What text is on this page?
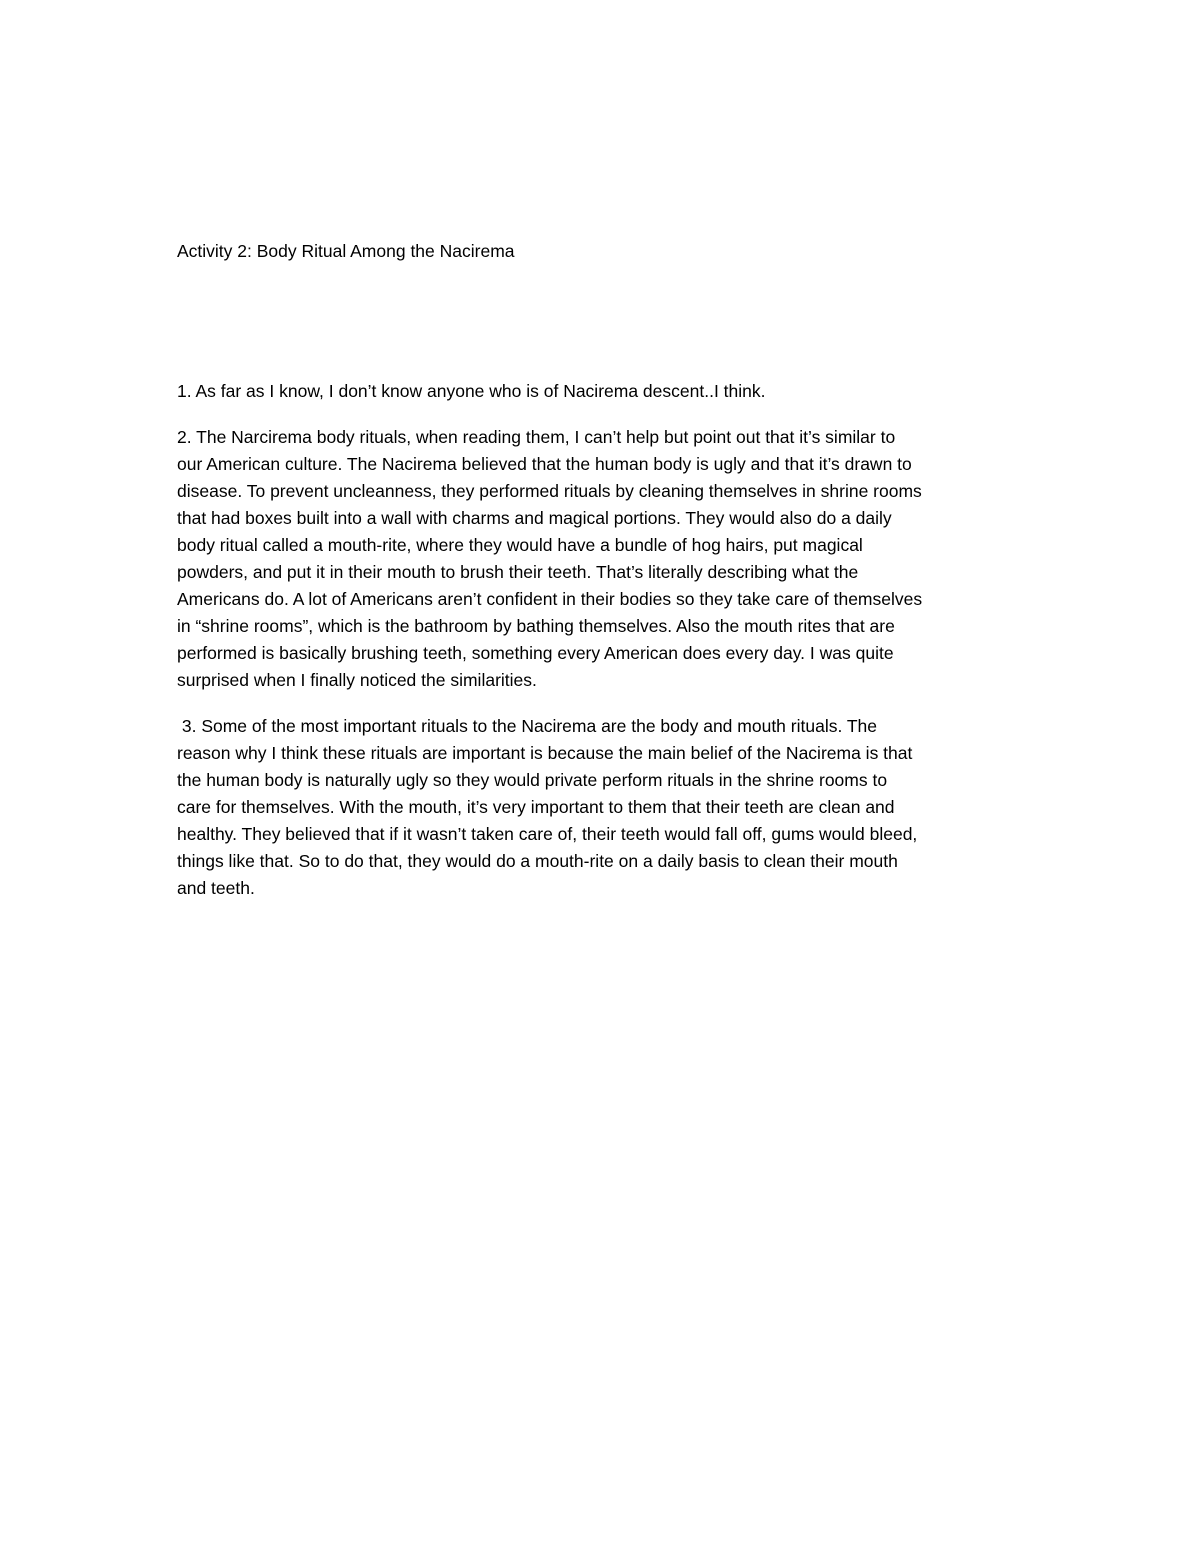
Activity 2: Body Ritual Among the Nacirema
1. As far as I know, I don’t know anyone who is of Nacirema descent..I think.
2. The Narcirema body rituals, when reading them, I can’t help but point out that it’s similar to
our American culture. The Nacirema believed that the human body is ugly and that it’s drawn to
disease. To prevent uncleanness, they performed rituals by cleaning themselves in shrine rooms
that had boxes built into a wall with charms and magical portions. They would also do a daily
body ritual called a mouth-rite, where they would have a bundle of hog hairs, put magical
powders, and put it in their mouth to brush their teeth. That’s literally describing what the
Americans do. A lot of Americans aren’t confident in their bodies so they take care of themselves
in “shrine rooms”, which is the bathroom by bathing themselves. Also the mouth rites that are
performed is basically brushing teeth, something every American does every day. I was quite
surprised when I finally noticed the similarities.
3. Some of the most important rituals to the Nacirema are the body and mouth rituals. The
reason why I think these rituals are important is because the main belief of the Nacirema is that
the human body is naturally ugly so they would private perform rituals in the shrine rooms to
care for themselves. With the mouth, it’s very important to them that their teeth are clean and
healthy. They believed that if it wasn’t taken care of, their teeth would fall off, gums would bleed,
things like that. So to do that, they would do a mouth-rite on a daily basis to clean their mouth
and teeth.
